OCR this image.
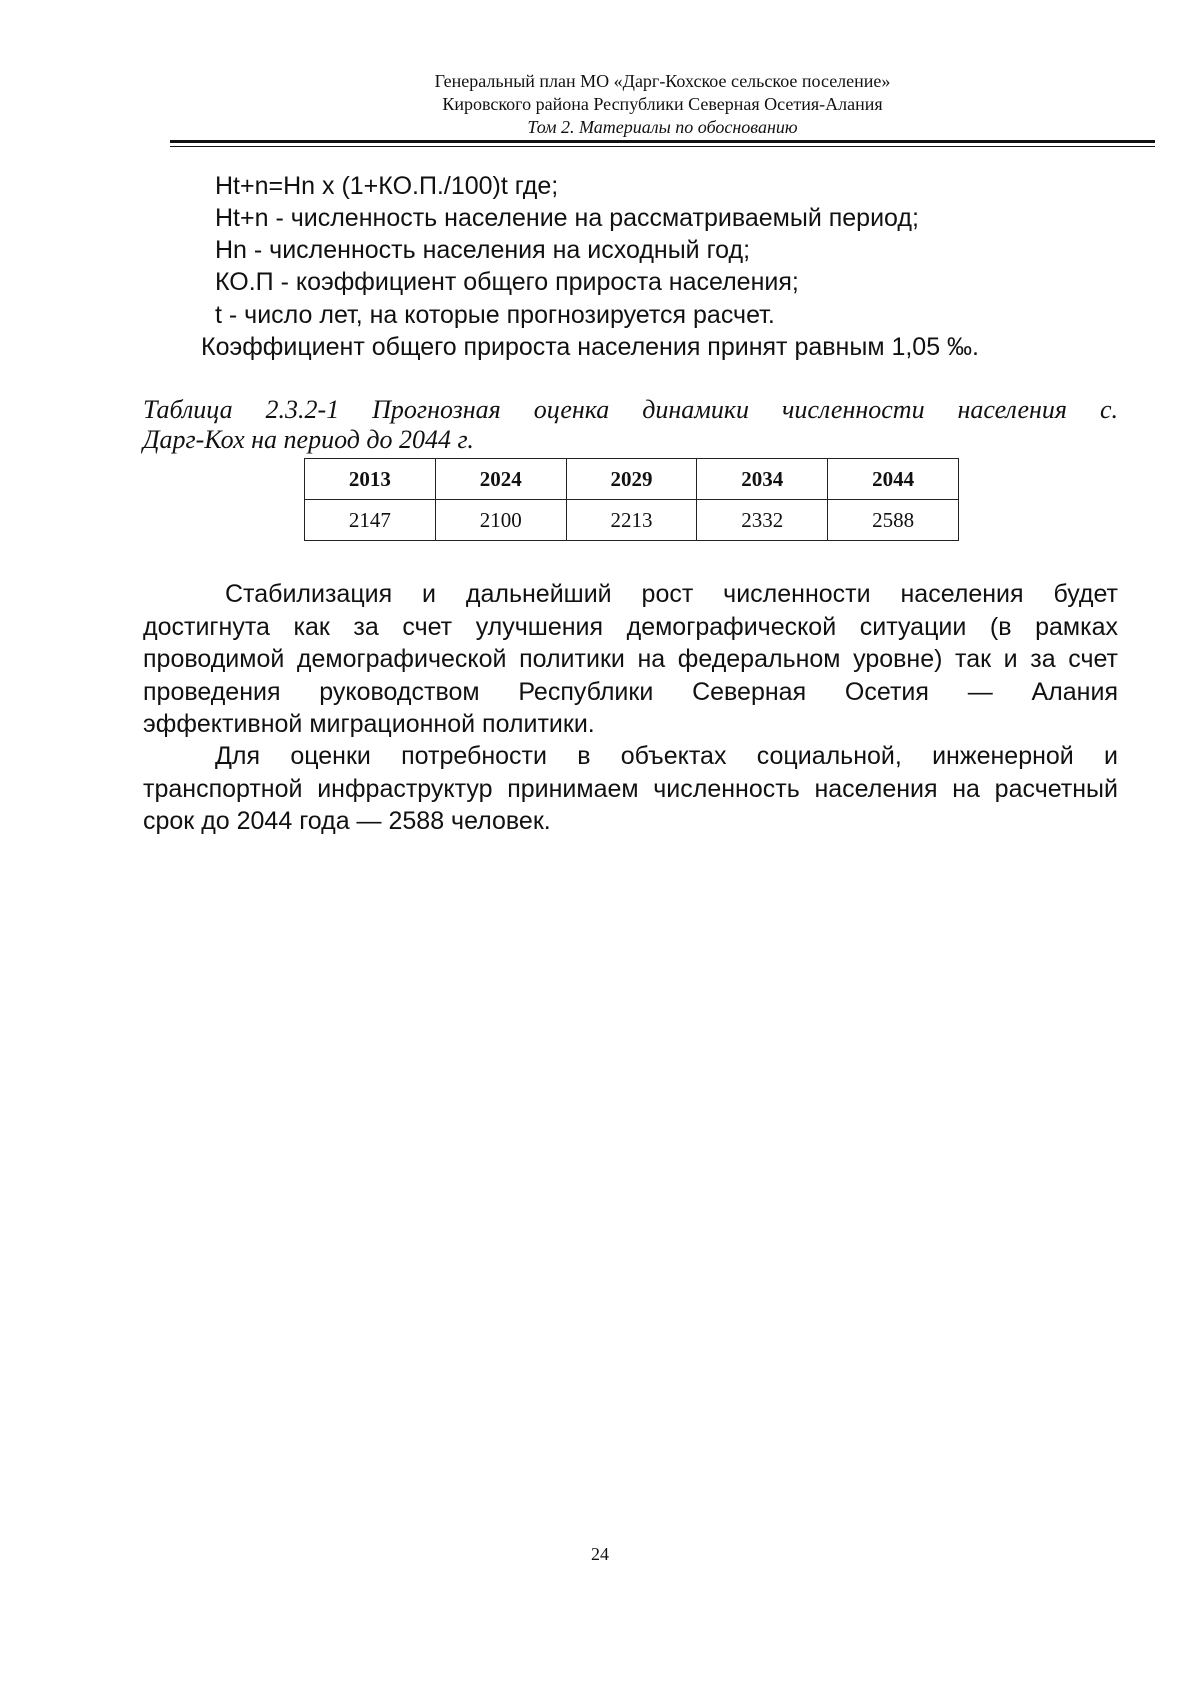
Генеральный план МО «Дарг-Кохское сельское поселение»
Кировского района Республики Северная Осетия-Алания
Том 2. Материалы по обоснованию
Ht+n=Hn x (1+КО.П./100)t где;
Ht+n - численность население на рассматриваемый период;
Hn - численность населения на исходный год;
КО.П - коэффициент общего прироста населения;
t - число лет, на которые прогнозируется расчет.
Коэффициент общего прироста населения принят равным 1,05 ‰.
Таблица 2.3.2-1 Прогнозная оценка динамики численности населения с.
Дарг-Кох на период до 2044 г.
2013	2024	2029	2034	2044
2147	2100	2213	2332	2588
Стабилизация и дальнейший рост численности населения будет
достигнута как за счет улучшения демографической ситуации (в рамках
проводимой демографической политики на федеральном уровне) так и за счет
проведения руководством Республики Северная Осетия — Алания
эффективной миграционной политики.
Для оценки потребности в объектах социальной, инженерной и
транспортной инфраструктур принимаем численность населения на расчетный
срок до 2044 года — 2588 человек.
24
